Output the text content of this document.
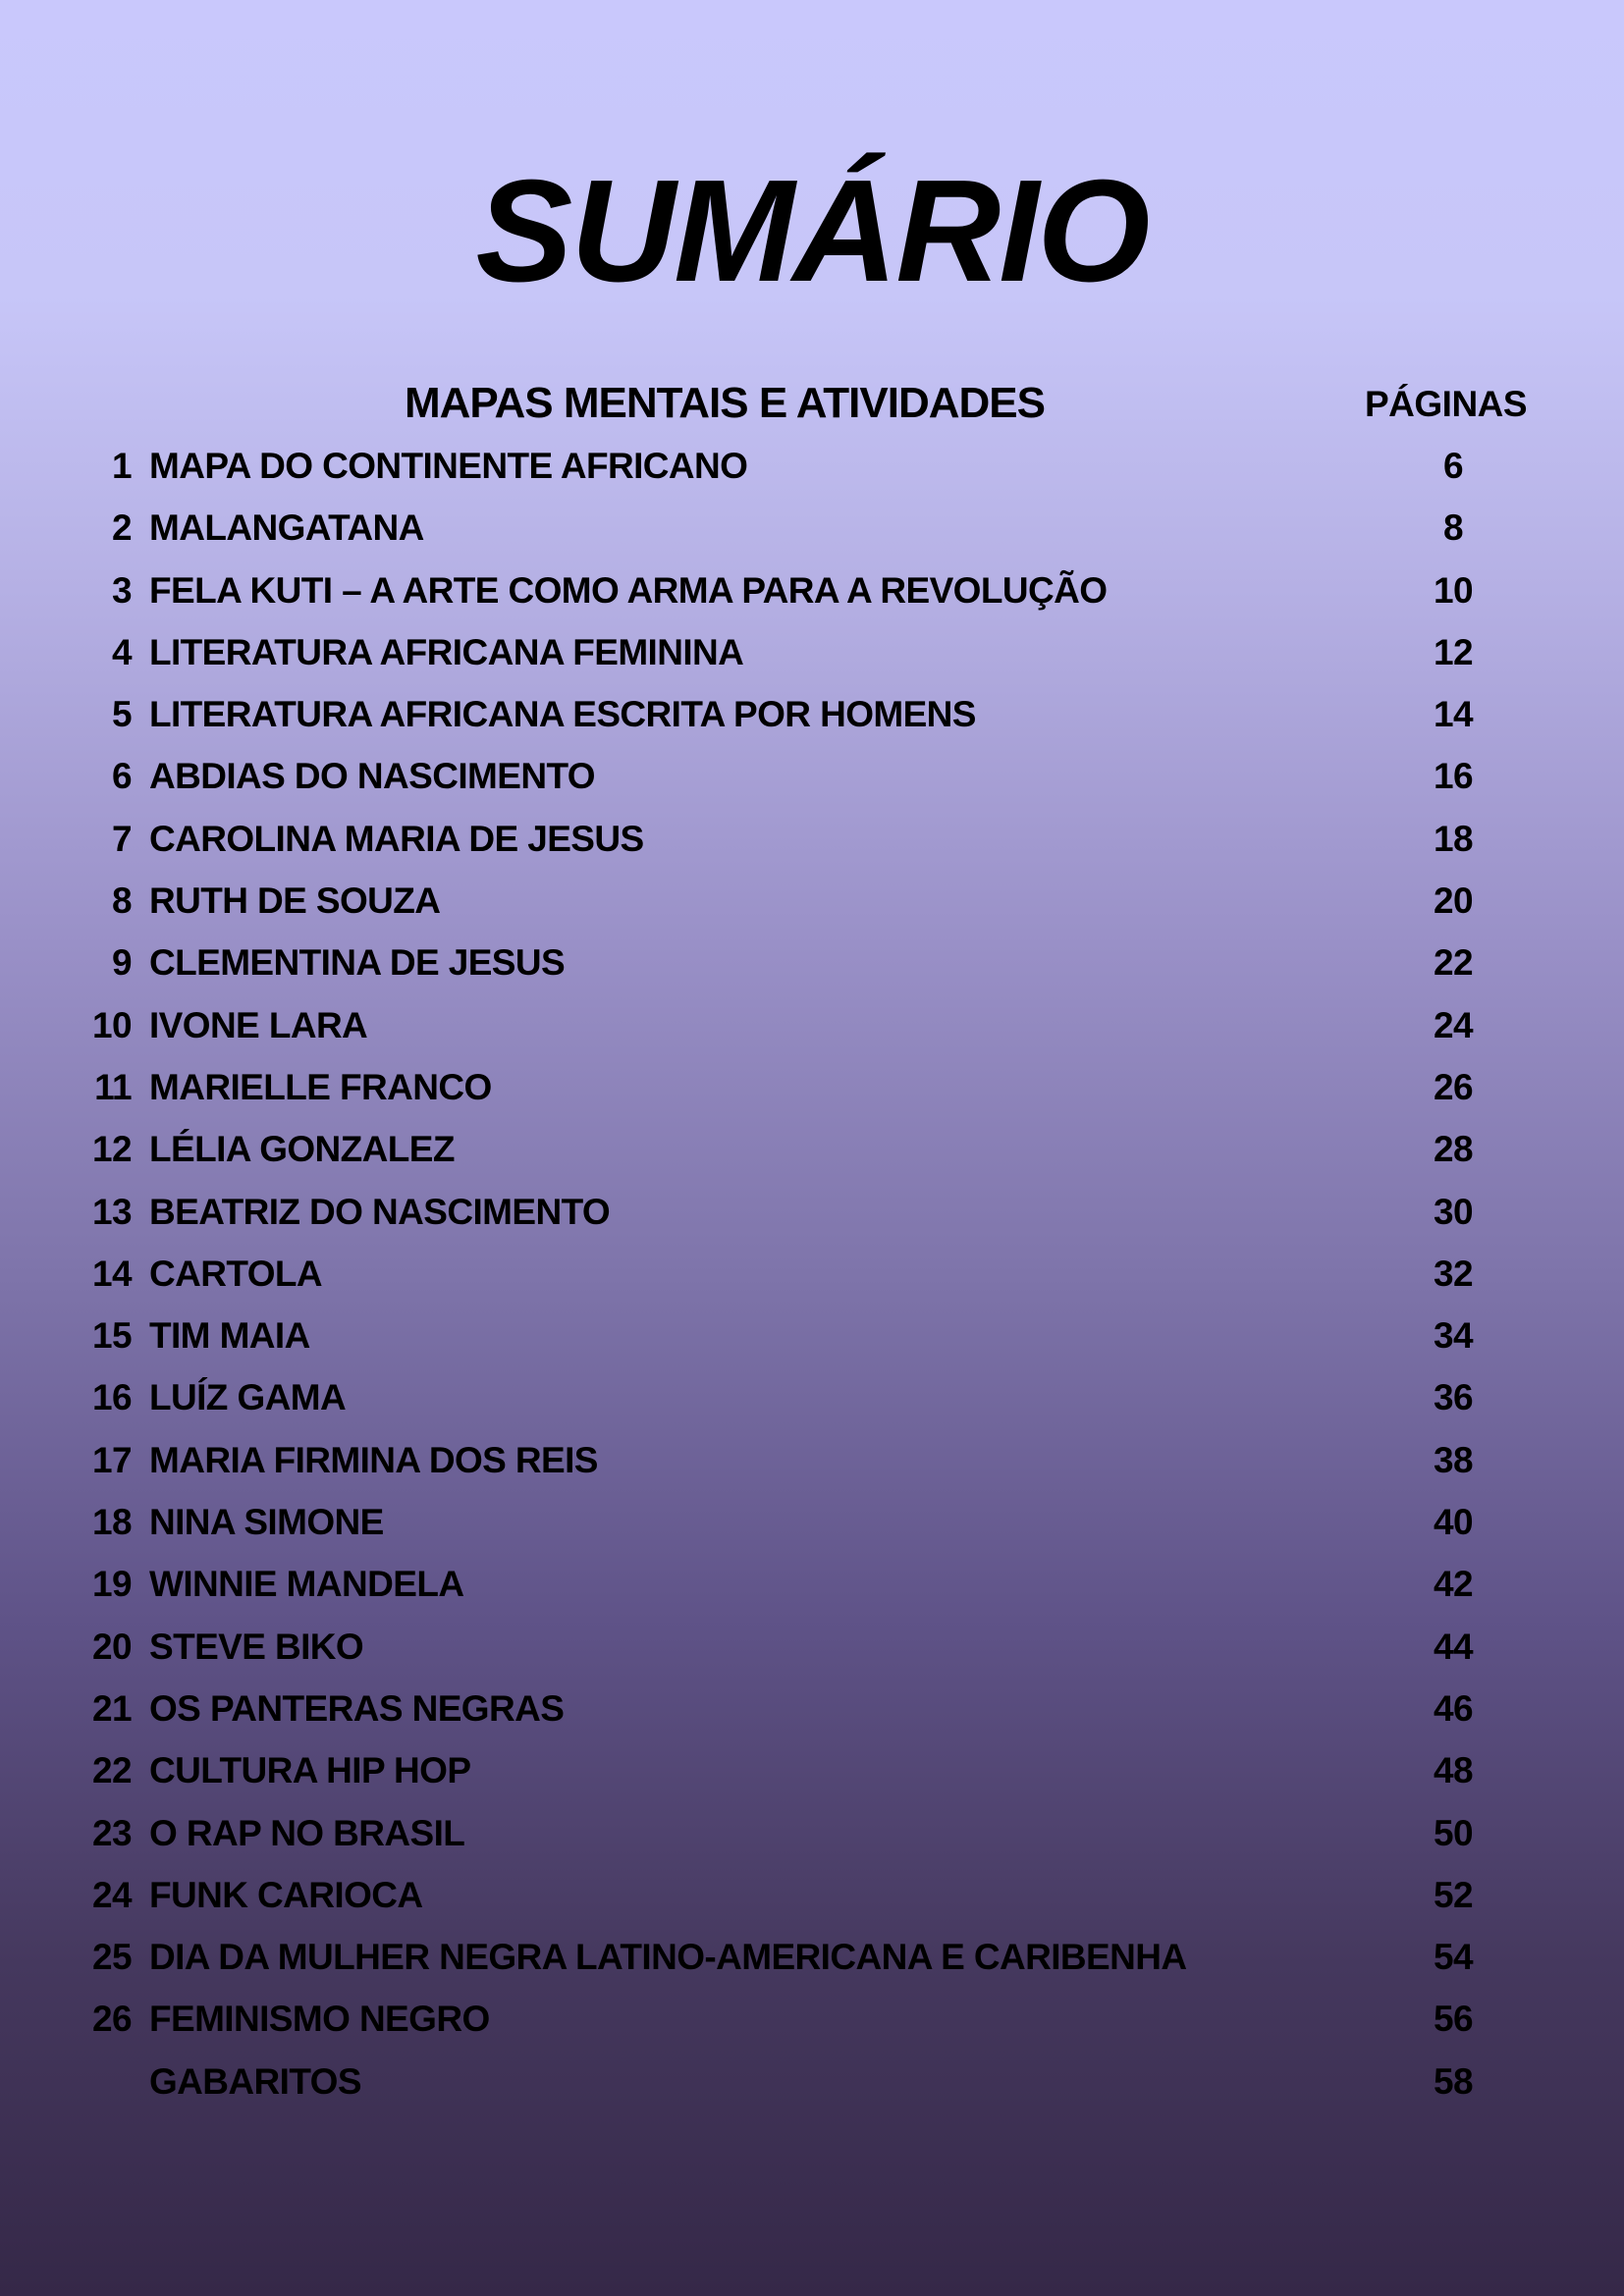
SUMÁRIO
MAPAS MENTAIS E ATIVIDADES	PÁGINAS
1 MAPA DO CONTINENTE AFRICANO	6
2 MALANGATANA	8
3 FELA KUTI – A ARTE COMO ARMA PARA A REVOLUÇÃO	10
4 LITERATURA AFRICANA FEMININA	12
5 LITERATURA AFRICANA ESCRITA POR HOMENS	14
6 ABDIAS DO NASCIMENTO	16
7 CAROLINA MARIA DE JESUS	18
8 RUTH DE SOUZA	20
9 CLEMENTINA DE JESUS	22
10 IVONE LARA	24
11 MARIELLE FRANCO	26
12 LÉLIA GONZALEZ	28
13 BEATRIZ DO NASCIMENTO	30
14 CARTOLA	32
15 TIM MAIA	34
16 LUÍZ GAMA	36
17 MARIA FIRMINA DOS REIS	38
18 NINA SIMONE	40
19 WINNIE MANDELA	42
20 STEVE BIKO	44
21 OS PANTERAS NEGRAS	46
22 CULTURA HIP HOP	48
23 O RAP NO BRASIL	50
24 FUNK CARIOCA	52
25 DIA DA MULHER NEGRA LATINO-AMERICANA E CARIBENHA	54
26 FEMINISMO NEGRO	56
GABARITOS	58
